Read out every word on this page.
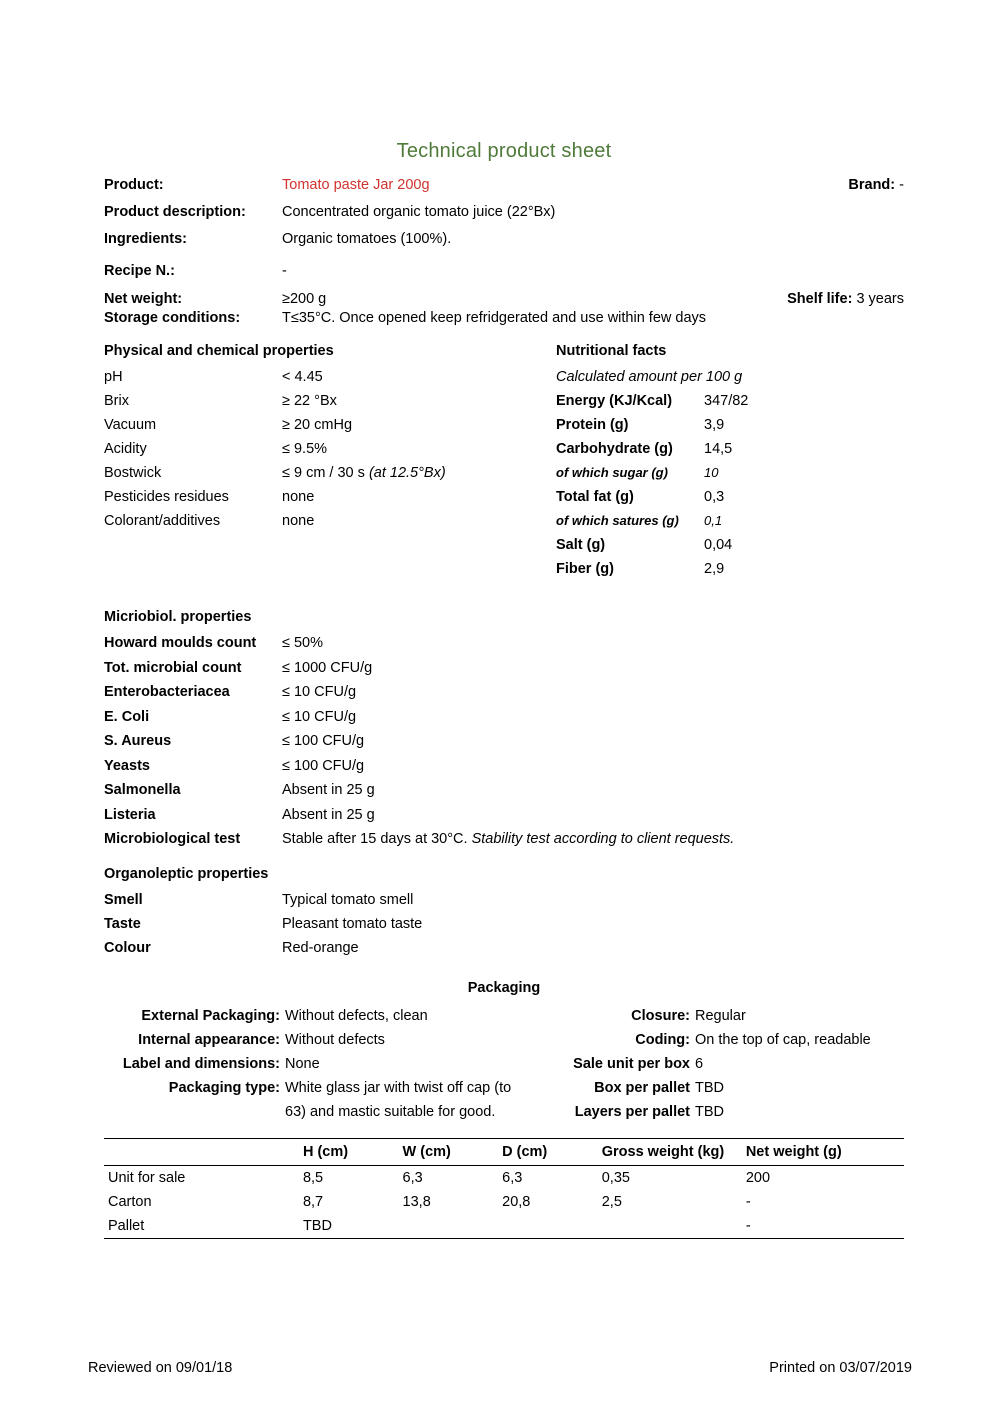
Technical product sheet
Product:	Tomato paste Jar 200g	Brand: -
Product description:	Concentrated organic tomato juice (22°Bx)
Ingredients:	Organic tomatoes (100%).
Recipe N.:	-
Net weight:	≥200 g	Shelf life: 3 years
Storage conditions:	T≤35°C. Once opened keep refridgerated and use within few days
Physical and chemical properties
pH	< 4.45
Brix	≥ 22 °Bx
Vacuum	≥ 20 cmHg
Acidity	≤ 9.5%
Bostwick	≤ 9 cm / 30 s (at 12.5°Bx)
Pesticides residues	none
Colorant/additives	none
Nutritional facts
Calculated amount per 100 g
Energy (KJ/Kcal)	347/82
Protein (g)	3,9
Carbohydrate (g)	14,5
of which sugar (g)	10
Total fat (g)	0,3
of which satures (g)	0,1
Salt (g)	0,04
Fiber (g)	2,9
Micriobiol. properties
Howard moulds count	≤ 50%
Tot. microbial count	≤ 1000 CFU/g
Enterobacteriacea	≤ 10 CFU/g
E. Coli	≤ 10 CFU/g
S. Aureus	≤ 100 CFU/g
Yeasts	≤ 100 CFU/g
Salmonella	Absent in 25 g
Listeria	Absent in 25 g
Microbiological test	Stable after 15 days at 30°C. Stability test according to client requests.
Organoleptic properties
Smell	Typical tomato smell
Taste	Pleasant tomato taste
Colour	Red-orange
Packaging
External Packaging: Without defects, clean
Internal appearance: Without defects
Label and dimensions: None
Packaging type: White glass jar with twist off cap (to
63) and mastic suitable for good.
Closure: Regular
Coding: On the top of cap, readable
Sale unit per box 6
Box per pallet TBD
Layers per pallet TBD
	H (cm)	W (cm)	D (cm)	Gross weight (kg)	Net weight (g)
Unit for sale	8,5	6,3	6,3	0,35	200
Carton	8,7	13,8	20,8	2,5	-
Pallet	TBD				-
Reviewed on 09/01/18	Printed on 03/07/2019
